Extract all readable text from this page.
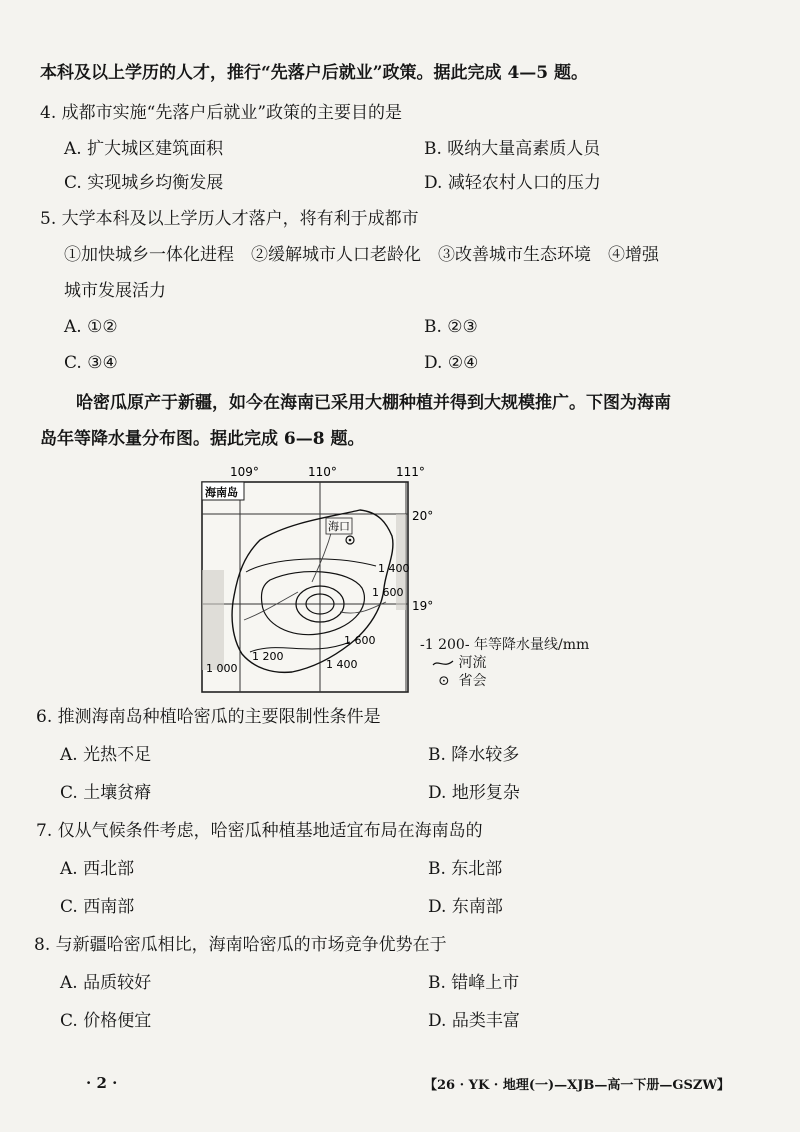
本科及以上学历的人才，推行“先落户后就业”政策。据此完成 4—5 题。
4. 成都市实施“先落户后就业”政策的主要目的是
A. 扩大城区建筑面积	B. 吸纳大量高素质人员
C. 实现城乡均衡发展	D. 减轻农村人口的压力
5. 大学本科及以上学历人才落户，将有利于成都市
①加快城乡一体化进程　②缓解城市人口老龄化　③改善城市生态环境　④增强
城市发展活力
A. ①②	B. ②③
C. ③④	D. ②④
哈密瓜原产于新疆，如今在海南已采用大棚种植并得到大规模推广。下图为海南
岛年等降水量分布图。据此完成 6—8 题。
109°	110°	111°
海南岛
20°
19°
海口
1 400
1 600
1 600
1 200
1 400
1 000
-1 200- 年等降水量线/mm
河流
⊙ 省会
6. 推测海南岛种植哈密瓜的主要限制性条件是
A. 光热不足	B. 降水较多
C. 土壤贫瘠	D. 地形复杂
7. 仅从气候条件考虑，哈密瓜种植基地适宜布局在海南岛的
A. 西北部	B. 东北部
C. 西南部	D. 东南部
8. 与新疆哈密瓜相比，海南哈密瓜的市场竞争优势在于
A. 品质较好	B. 错峰上市
C. 价格便宜	D. 品类丰富
· 2 ·	【26 · YK · 地理(一)—XJB—高一下册—GSZW】
